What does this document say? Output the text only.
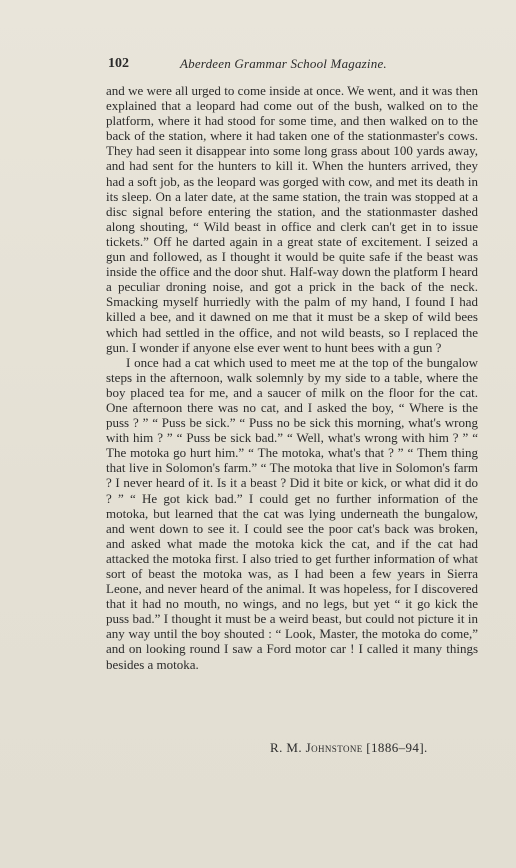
102	Aberdeen Grammar School Magazine.

and we were all urged to come inside at once. We went, and it was then explained that a leopard had come out of the bush, walked on to the platform, where it had stood for some time, and then walked on to the back of the station, where it had taken one of the stationmaster's cows. They had seen it disappear into some long grass about 100 yards away, and had sent for the hunters to kill it. When the hunters arrived, they had a soft job, as the leopard was gorged with cow, and met its death in its sleep. On a later date, at the same station, the train was stopped at a disc signal before entering the station, and the stationmaster dashed along shouting, “ Wild beast in office and clerk can't get in to issue tickets.” Off he darted again in a great state of excitement. I seized a gun and followed, as I thought it would be quite safe if the beast was inside the office and the door shut. Half-way down the platform I heard a peculiar droning noise, and got a prick in the back of the neck. Smacking myself hurriedly with the palm of my hand, I found I had killed a bee, and it dawned on me that it must be a skep of wild bees which had settled in the office, and not wild beasts, so I replaced the gun. I wonder if anyone else ever went to hunt bees with a gun ?

I once had a cat which used to meet me at the top of the bungalow steps in the afternoon, walk solemnly by my side to a table, where the boy placed tea for me, and a saucer of milk on the floor for the cat. One afternoon there was no cat, and I asked the boy, “ Where is the puss ? ” “ Puss be sick.” “ Puss no be sick this morning, what's wrong with him ? ” “ Puss be sick bad.” “ Well, what's wrong with him ? ” “ The motoka go hurt him.” “ The motoka, what's that ? ” “ Them thing that live in Solomon's farm.” “ The motoka that live in Solomon's farm ? I never heard of it. Is it a beast ? Did it bite or kick, or what did it do ? ” “ He got kick bad.” I could get no further information of the motoka, but learned that the cat was lying underneath the bungalow, and went down to see it. I could see the poor cat's back was broken, and asked what made the motoka kick the cat, and if the cat had attacked the motoka first. I also tried to get further information of what sort of beast the motoka was, as I had been a few years in Sierra Leone, and never heard of the animal. It was hopeless, for I discovered that it had no mouth, no wings, and no legs, but yet “ it go kick the puss bad.” I thought it must be a weird beast, but could not picture it in any way until the boy shouted : “ Look, Master, the motoka do come,” and on looking round I saw a Ford motor car ! I called it many things besides a motoka.

R. M. Johnstone [1886–94].
